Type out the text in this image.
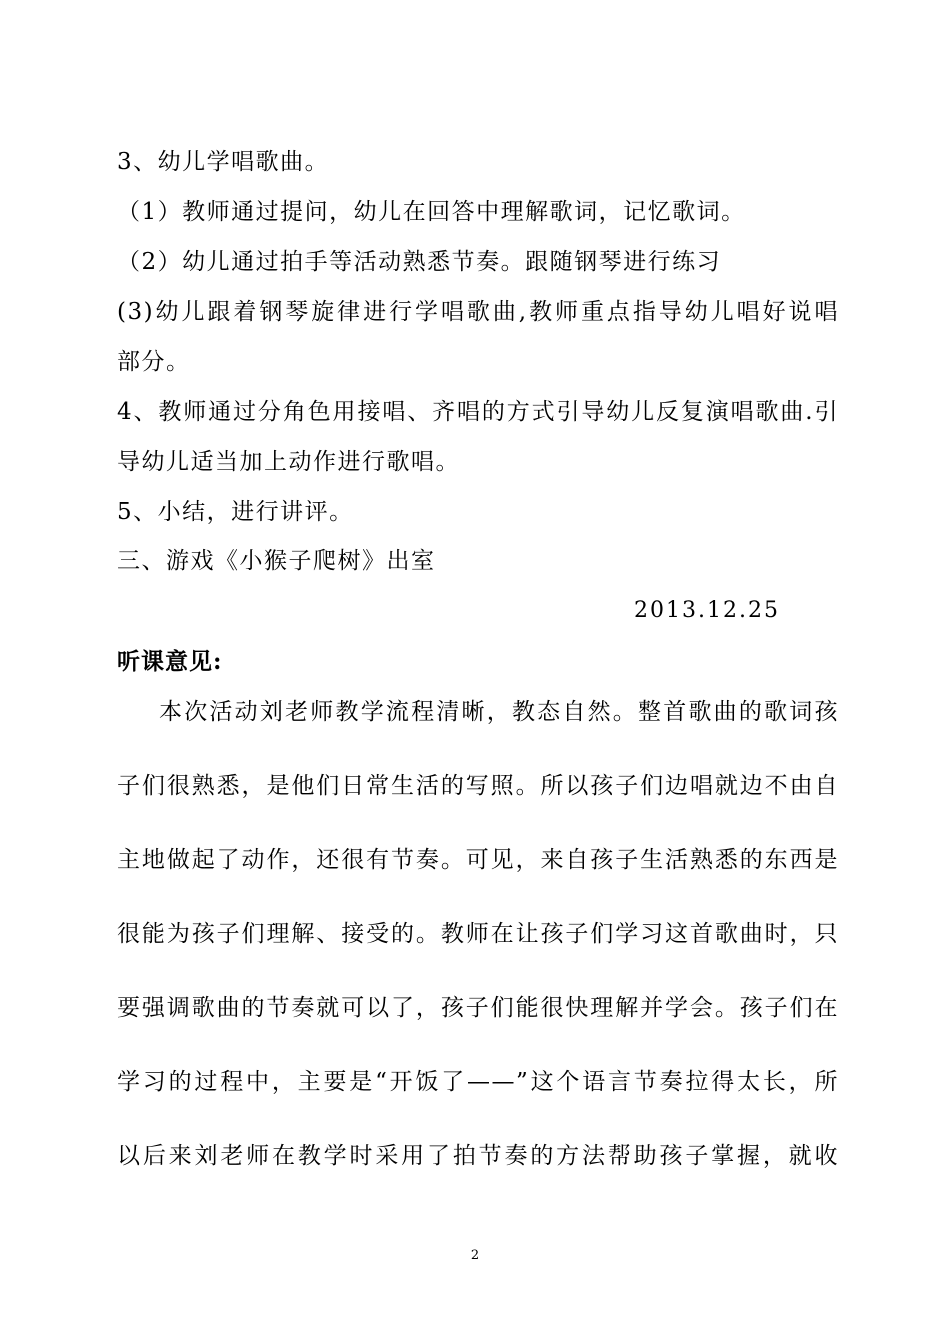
3、幼儿学唱歌曲。
（1）教师通过提问，幼儿在回答中理解歌词，记忆歌词。
（2）幼儿通过拍手等活动熟悉节奏。跟随钢琴进行练习
(3)幼儿跟着钢琴旋律进行学唱歌曲,教师重点指导幼儿唱好说唱
部分。
4、教师通过分角色用接唱、齐唱的方式引导幼儿反复演唱歌曲.引
导幼儿适当加上动作进行歌唱。
5、小结，进行讲评。
三、游戏《小猴子爬树》出室
2013.12.25
听课意见:
本次活动刘老师教学流程清晰，教态自然。整首歌曲的歌词孩
子们很熟悉，是他们日常生活的写照。所以孩子们边唱就边不由自
主地做起了动作，还很有节奏。可见，来自孩子生活熟悉的东西是
很能为孩子们理解、接受的。教师在让孩子们学习这首歌曲时，只
要强调歌曲的节奏就可以了，孩子们能很快理解并学会。孩子们在
学习的过程中，主要是“开饭了——”这个语言节奏拉得太长，所
以后来刘老师在教学时采用了拍节奏的方法帮助孩子掌握，就收
2
